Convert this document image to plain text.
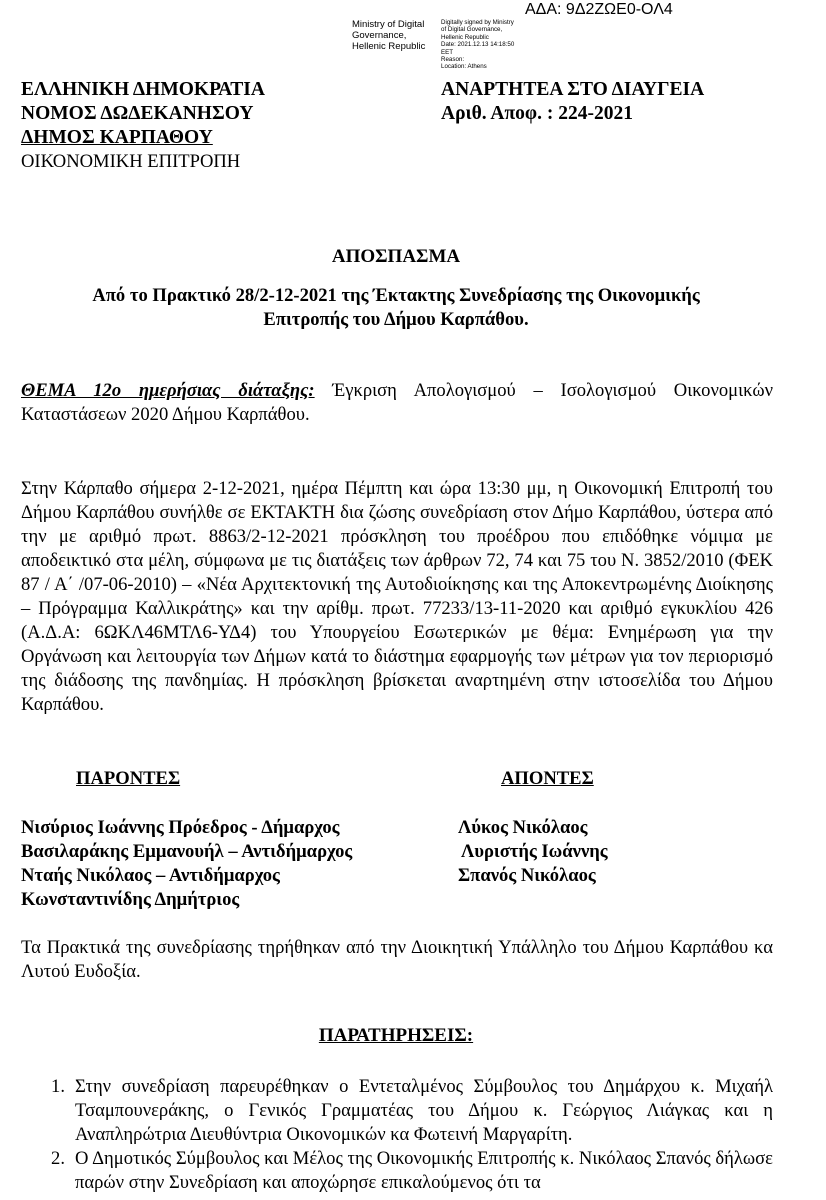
ΑΔΑ: 9Δ2ΖΩΕ0-ΟΛ4
Ministry of Digital
Governance,
Hellenic Republic
Digitally signed by Ministry
of Digital Governance,
Hellenic Republic
Date: 2021.12.13 14:18:50
EET
Reason:
Location: Athens
ΕΛΛΗΝΙΚΗ ΔΗΜΟΚΡΑΤΙΑ
ΝΟΜΟΣ ΔΩΔΕΚΑΝΗΣΟΥ
ΔΗΜΟΣ ΚΑΡΠΑΘΟΥ
ΟΙΚΟΝΟΜΙΚΗ ΕΠΙΤΡΟΠΗ
ΑΝΑΡΤΗΤΕΑ ΣΤΟ ΔΙΑΥΓΕΙΑ
Αριθ. Αποφ. : 224-2021
ΑΠΟΣΠΑΣΜΑ
Από το Πρακτικό 28/2-12-2021 της Έκτακτης Συνεδρίασης της Οικονομικής
Επιτροπής του Δήμου Καρπάθου.
ΘΕΜΑ 12ο ημερήσιας διάταξης: Έγκριση Απολογισμού – Ισολογισμού Οικονομικών Καταστάσεων 2020 Δήμου Καρπάθου.
Στην Κάρπαθο σήμερα 2-12-2021, ημέρα Πέμπτη και ώρα 13:30 μμ, η Οικονομική Επιτροπή του Δήμου Καρπάθου συνήλθε σε ΕΚΤΑΚΤΗ δια ζώσης συνεδρίαση στον Δήμο Καρπάθου, ύστερα από την με αριθμό πρωτ. 8863/2-12-2021 πρόσκληση του προέδρου που επιδόθηκε νόμιμα με αποδεικτικό στα μέλη, σύμφωνα με τις διατάξεις των άρθρων 72, 74 και 75 του Ν. 3852/2010 (ΦΕΚ 87 / Α΄ /07-06-2010) – «Νέα Αρχιτεκτονική της Αυτοδιοίκησης και της Αποκεντρωμένης Διοίκησης – Πρόγραμμα Καλλικράτης» και την αρίθμ. πρωτ. 77233/13-11-2020 και αριθμό εγκυκλίου 426 (Α.Δ.Α: 6ΩΚΛ46ΜΤΛ6-ΥΔ4) του Υπουργείου Εσωτερικών με θέμα: Ενημέρωση για την Οργάνωση και λειτουργία των Δήμων κατά το διάστημα εφαρμογής των μέτρων για τον περιορισμό της διάδοσης της πανδημίας. Η πρόσκληση βρίσκεται αναρτημένη στην ιστοσελίδα του Δήμου Καρπάθου.
ΠΑΡΟΝΤΕΣ	ΑΠΟΝΤΕΣ
Νισύριος Ιωάννης Πρόεδρος - Δήμαρχος
Βασιλαράκης Εμμανουήλ – Αντιδήμαρχος
Νταής Νικόλαος – Αντιδήμαρχος
Κωνσταντινίδης Δημήτριος
Λύκος Νικόλαος
Λυριστής Ιωάννης
Σπανός Νικόλαος
Τα Πρακτικά της συνεδρίασης τηρήθηκαν από την Διοικητική Υπάλληλο του Δήμου Καρπάθου κα Λυτού Ευδοξία.
ΠΑΡΑΤΗΡΗΣΕΙΣ:
1. Στην συνεδρίαση παρευρέθηκαν ο Εντεταλμένος Σύμβουλος του Δημάρχου κ. Μιχαήλ Τσαμπουνεράκης, ο Γενικός Γραμματέας του Δήμου κ. Γεώργιος Λιάγκας και η Αναπληρώτρια Διευθύντρια Οικονομικών κα Φωτεινή Μαργαρίτη.
2. Ο Δημοτικός Σύμβουλος και Μέλος της Οικονομικής Επιτροπής κ. Νικόλαος Σπανός δήλωσε παρών στην Συνεδρίαση και αποχώρησε επικαλούμενος ότι τα
